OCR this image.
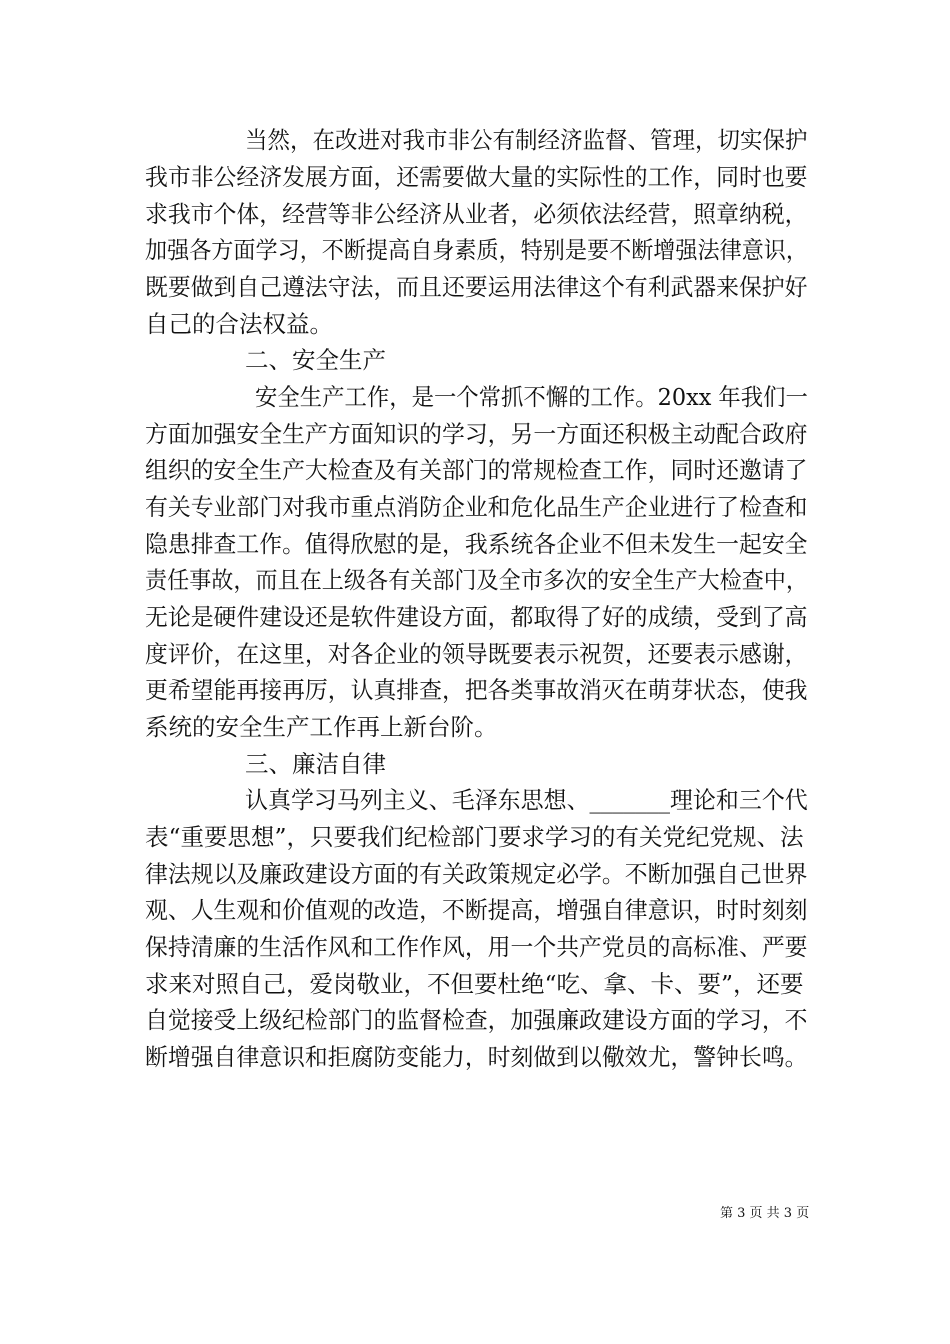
当然，在改进对我市非公有制经济监督、管理，切实保护
我市非公经济发展方面，还需要做大量的实际性的工作，同时也要
求我市个体，经营等非公经济从业者，必须依法经营，照章纳税，
加强各方面学习，不断提高自身素质，特别是要不断增强法律意识，
既要做到自己遵法守法，而且还要运用法律这个有利武器来保护好
自己的合法权益。
二、安全生产
安全生产工作，是一个常抓不懈的工作。20xx 年我们一
方面加强安全生产方面知识的学习，另一方面还积极主动配合政府
组织的安全生产大检查及有关部门的常规检查工作，同时还邀请了
有关专业部门对我市重点消防企业和危化品生产企业进行了检查和
隐患排查工作。值得欣慰的是，我系统各企业不但未发生一起安全
责任事故，而且在上级各有关部门及全市多次的安全生产大检查中，
无论是硬件建设还是软件建设方面，都取得了好的成绩，受到了高
度评价，在这里，对各企业的领导既要表示祝贺，还要表示感谢，
更希望能再接再厉，认真排查，把各类事故消灭在萌芽状态，使我
系统的安全生产工作再上新台阶。
三、廉洁自律
认真学习马列主义、毛泽东思想、_______理论和三个代
表“重要思想”，只要我们纪检部门要求学习的有关党纪党规、法
律法规以及廉政建设方面的有关政策规定必学。不断加强自己世界
观、人生观和价值观的改造，不断提高，增强自律意识，时时刻刻
保持清廉的生活作风和工作作风，用一个共产党员的高标准、严要
求来对照自己，爱岗敬业，不但要杜绝“吃、拿、卡、要”，还要
自觉接受上级纪检部门的监督检查，加强廉政建设方面的学习，不
断增强自律意识和拒腐防变能力，时刻做到以儆效尤，警钟长鸣。
第 3 页 共 3 页
